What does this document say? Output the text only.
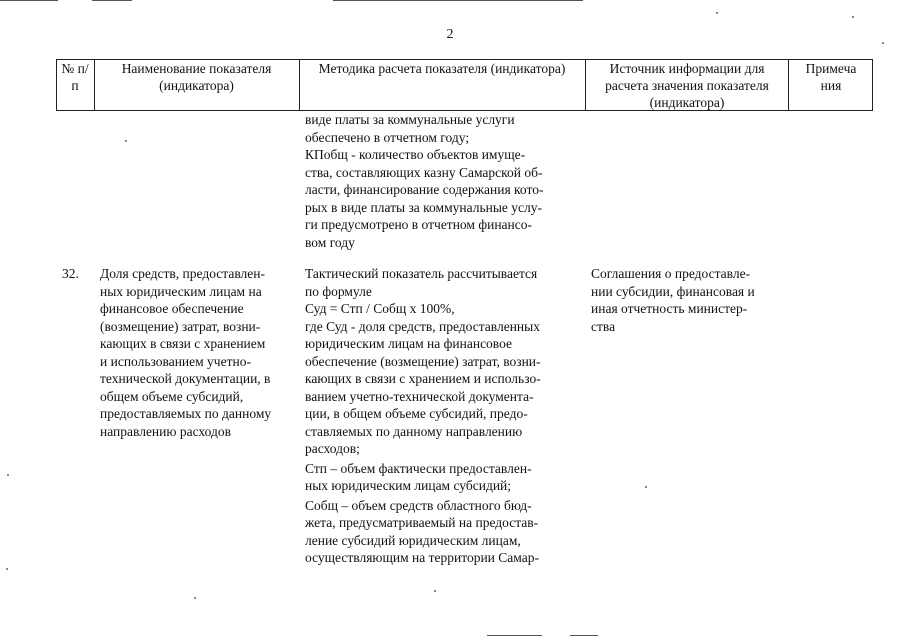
2
№ п/п
Наименование показателя (индикатора)
Методика расчета показателя (индикатора)	Источник информации для расчета значения показателя (индикатора)
Примечания
виде платы за коммунальные услуги
обеспечено в отчетном году;
КПобщ - количество объектов имуще-
ства, составляющих казну Самарской об-
ласти, финансирование содержания кото-
рых в виде платы за коммунальные услу-
ги предусмотрено в отчетном финансо-
вом году
32.	Доля средств, предоставлен-
ных юридическим лицам на
финансовое обеспечение
(возмещение) затрат, возни-
кающих в связи с хранением
и использованием учетно-
технической документации, в
общем объеме субсидий,
предоставляемых по данному
направлению расходов
Тактический показатель рассчитывается
по формуле
Суд = Стп / Собщ x 100%,
где Суд - доля средств, предоставленных
юридическим лицам на финансовое
обеспечение (возмещение) затрат, возни-
кающих в связи с хранением и использо-
ванием учетно-технической документа-
ции, в общем объеме субсидий, предо-
ставляемых по данному направлению
расходов;
Стп – объем фактически предоставлен-
ных юридическим лицам субсидий;
Собщ – объем средств областного бюд-
жета, предусматриваемый на предостав-
ление субсидий юридическим лицам,
осуществляющим на территории Самар-
Соглашения о предоставле-
нии субсидии, финансовая и
иная отчетность министер-
ства
